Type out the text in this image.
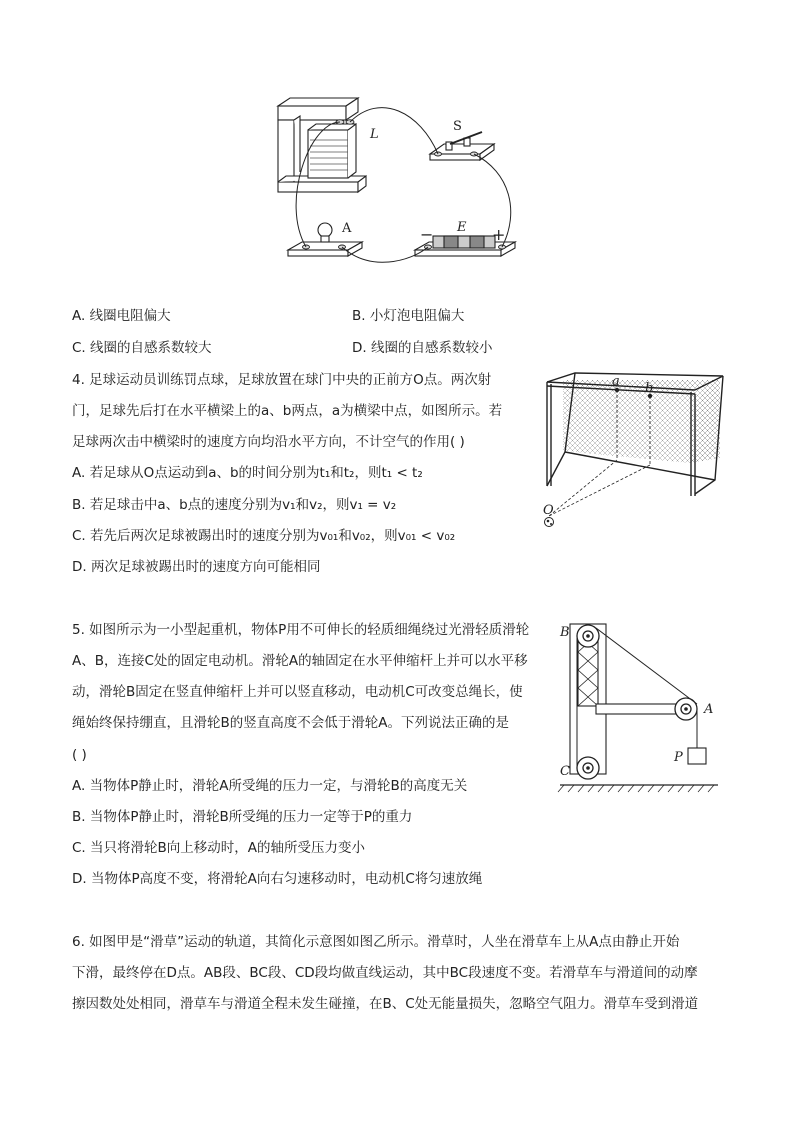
L
S
A	E
−	+
A. 线圈电阻偏大	B. 小灯泡电阻偏大
C. 线圈的自感系数较大	D. 线圈的自感系数较小
4. 足球运动员训练罚点球，足球放置在球门中央的正前方O点。两次射
门，足球先后打在水平横梁上的a、b两点，a为横梁中点，如图所示。若
足球两次击中横梁时的速度方向均沿水平方向，不计空气的作用( )
A. 若足球从O点运动到a、b的时间分别为t₁和t₂，则t₁ < t₂
B. 若足球击中a、b点的速度分别为v₁和v₂，则v₁ = v₂
C. 若先后两次足球被踢出时的速度分别为v₀₁和v₀₂，则v₀₁ < v₀₂
D. 两次足球被踢出时的速度方向可能相同
a b
O
5. 如图所示为一小型起重机，物体P用不可伸长的轻质细绳绕过光滑轻质滑轮
A、B，连接C处的固定电动机。滑轮A的轴固定在水平伸缩杆上并可以水平移
动，滑轮B固定在竖直伸缩杆上并可以竖直移动，电动机C可改变总绳长，使
绳始终保持绷直，且滑轮B的竖直高度不会低于滑轮A。下列说法正确的是
( )
A. 当物体P静止时，滑轮A所受绳的压力一定，与滑轮B的高度无关
B. 当物体P静止时，滑轮B所受绳的压力一定等于P的重力
C. 当只将滑轮B向上移动时，A的轴所受压力变小
D. 当物体P高度不变，将滑轮A向右匀速移动时，电动机C将匀速放绳
B
A
C
P
6. 如图甲是“滑草”运动的轨道，其简化示意图如图乙所示。滑草时，人坐在滑草车上从A点由静止开始
下滑，最终停在D点。AB段、BC段、CD段均做直线运动，其中BC段速度不变。若滑草车与滑道间的动摩
擦因数处处相同，滑草车与滑道全程未发生碰撞，在B、C处无能量损失，忽略空气阻力。滑草车受到滑道
